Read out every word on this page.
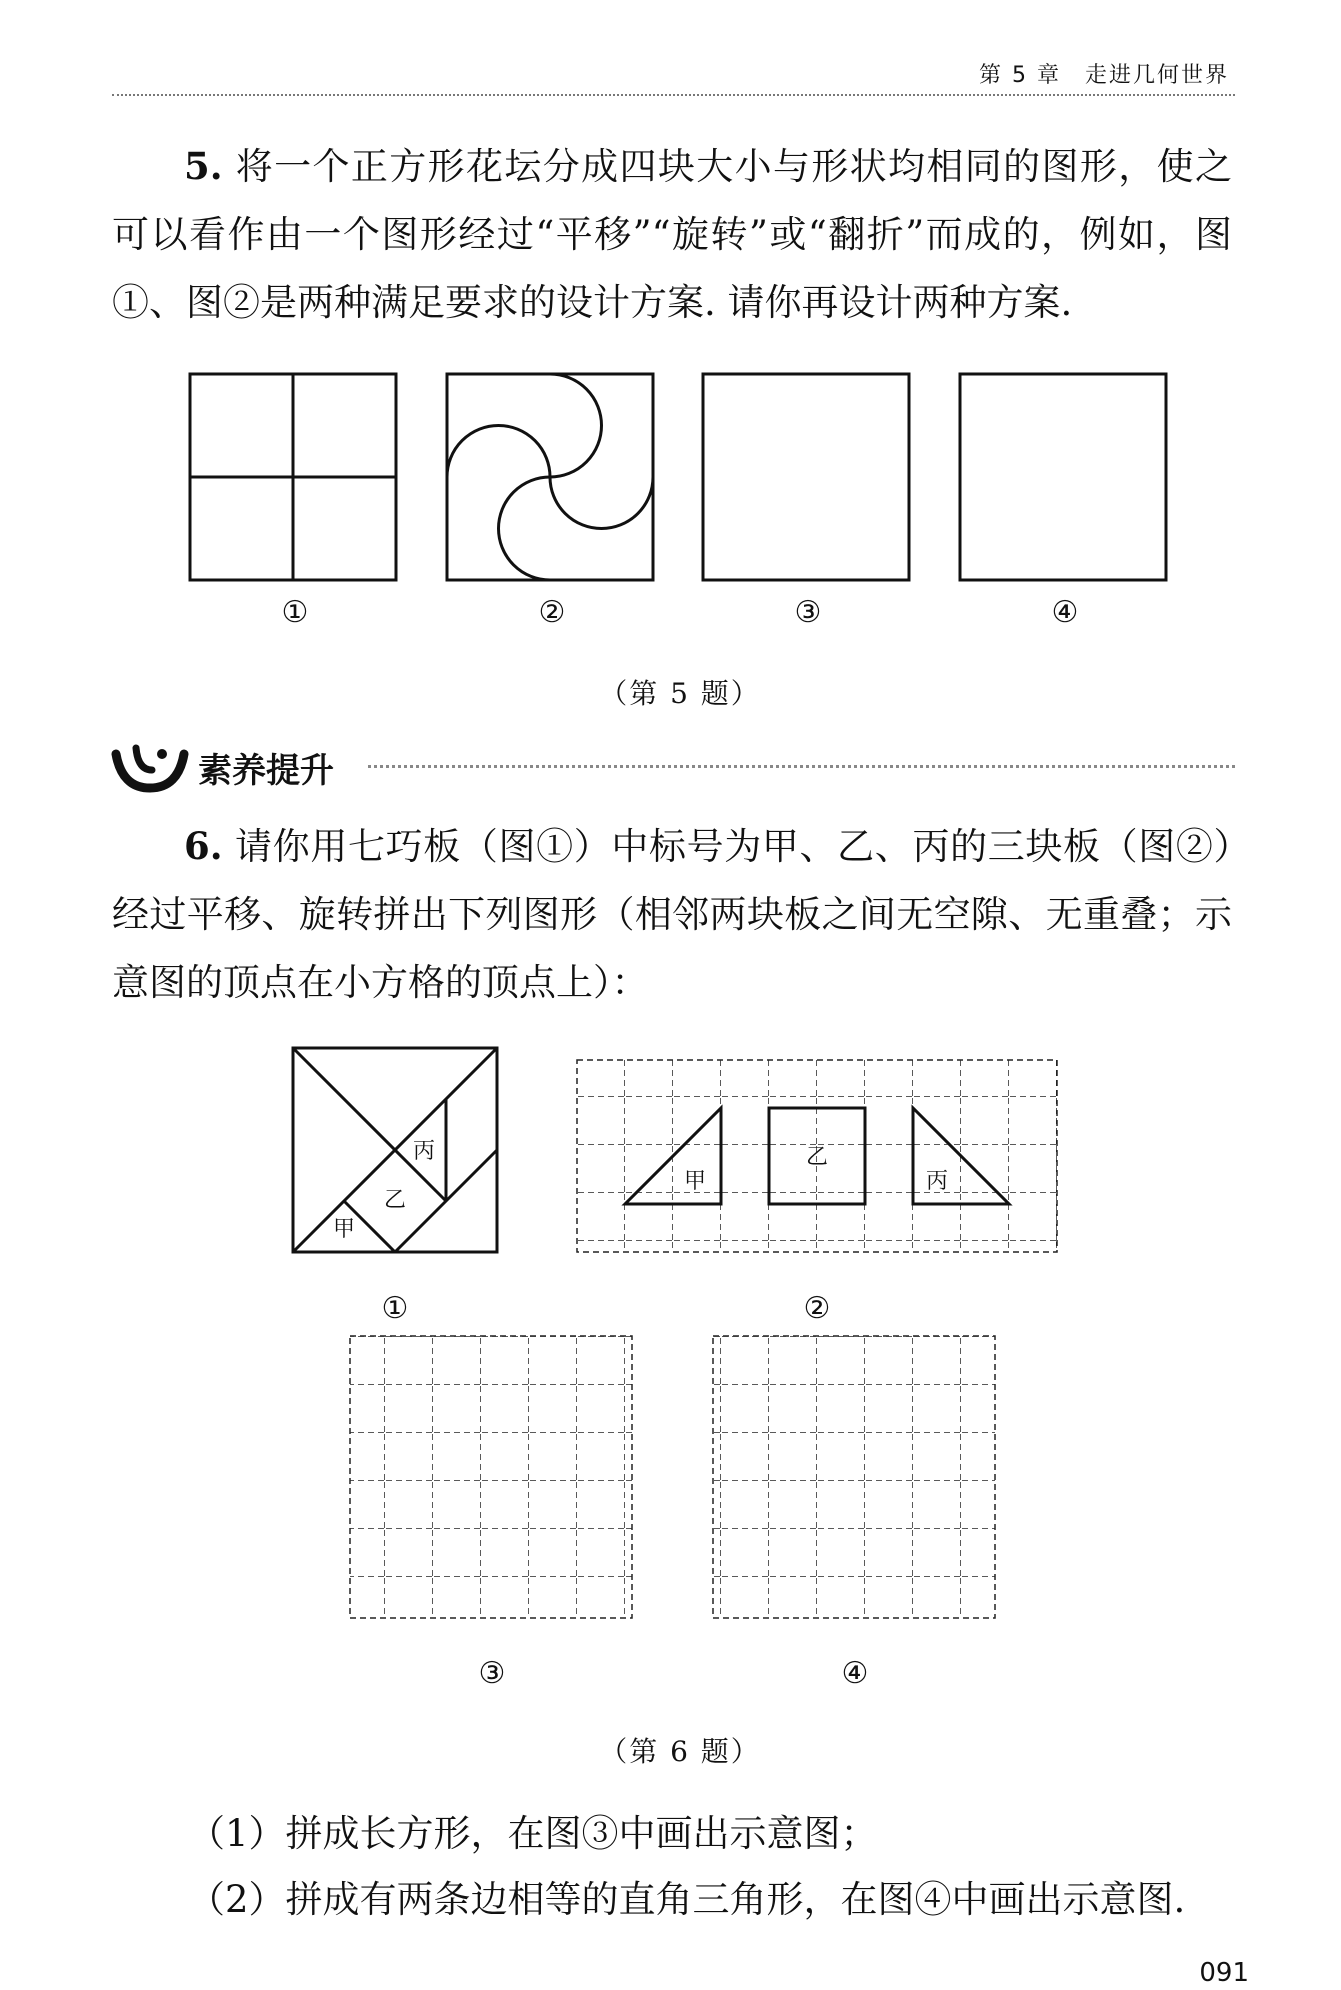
第 5 章　走进几何世界

5. 将一个正方形花坛分成四块大小与形状均相同的图形，使之可以看作由一个图形经过“平移”“旋转”或“翻折”而成的，例如，图①、图②是两种满足要求的设计方案. 请你再设计两种方案.

①	②	③	④
（第 5 题）
素养提升

6. 请你用七巧板（图①）中标号为甲、乙、丙的三块板（图②）经过平移、旋转拼出下列图形（相邻两块板之间无空隙、无重叠；示意图的顶点在小方格的顶点上）：

甲
乙
丙
甲
乙
丙
①	②
③	④
（第 6 题）

（1）拼成长方形，在图③中画出示意图；

（2）拼成有两条边相等的直角三角形，在图④中画出示意图.

091
